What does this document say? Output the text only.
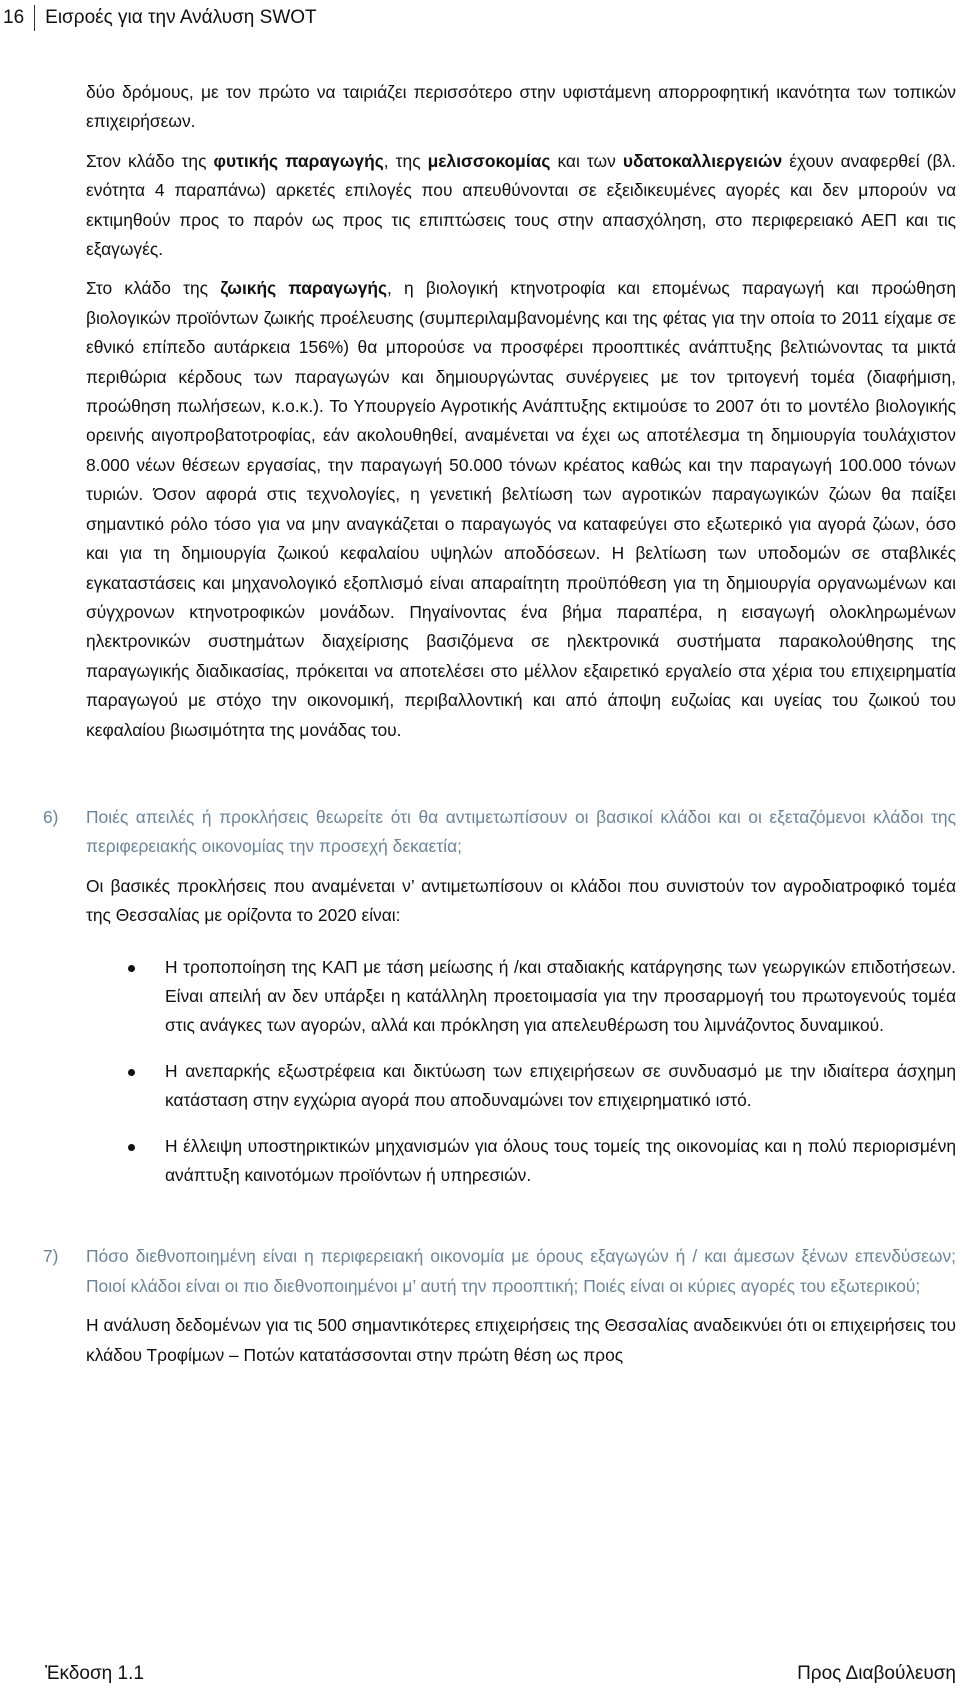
16	Εισροές για την Ανάλυση SWOT

δύο δρόμους, με τον πρώτο να ταιριάζει περισσότερο στην υφιστάμενη απορροφητική ικανότητα των τοπικών επιχειρήσεων.

Στον κλάδο της φυτικής παραγωγής, της μελισσοκομίας και των υδατοκαλλιεργειών έχουν αναφερθεί (βλ. ενότητα 4 παραπάνω) αρκετές επιλογές που απευθύνονται σε εξειδικευμένες αγορές και δεν μπορούν να εκτιμηθούν προς το παρόν ως προς τις επιπτώσεις τους στην απασχόληση, στο περιφερειακό ΑΕΠ και τις εξαγωγές.

Στο κλάδο της ζωικής παραγωγής, η βιολογική κτηνοτροφία και επομένως παραγωγή και προώθηση βιολογικών προϊόντων ζωικής προέλευσης (συμπεριλαμβανομένης και της φέτας για την οποία το 2011 είχαμε σε εθνικό επίπεδο αυτάρκεια 156%) θα μπορούσε να προσφέρει προοπτικές ανάπτυξης βελτιώνοντας τα μικτά περιθώρια κέρδους των παραγωγών και δημιουργώντας συνέργειες με τον τριτογενή τομέα (διαφήμιση, προώθηση πωλήσεων, κ.ο.κ.). Το Υπουργείο Αγροτικής Ανάπτυξης εκτιμούσε το 2007 ότι το μοντέλο βιολογικής ορεινής αιγοπροβατοτροφίας, εάν ακολουθηθεί, αναμένεται να έχει ως αποτέλεσμα τη δημιουργία τουλάχιστον 8.000 νέων θέσεων εργασίας, την παραγωγή 50.000 τόνων κρέατος καθώς και την παραγωγή 100.000 τόνων τυριών. Όσον αφορά στις τεχνολογίες, η γενετική βελτίωση των αγροτικών παραγωγικών ζώων θα παίξει σημαντικό ρόλο τόσο για να μην αναγκάζεται ο παραγωγός να καταφεύγει στο εξωτερικό για αγορά ζώων, όσο και για τη δημιουργία ζωικού κεφαλαίου υψηλών αποδόσεων. Η βελτίωση των υποδομών σε σταβλικές εγκαταστάσεις και μηχανολογικό εξοπλισμό είναι απαραίτητη προϋπόθεση για τη δημιουργία οργανωμένων και σύγχρονων κτηνοτροφικών μονάδων. Πηγαίνοντας ένα βήμα παραπέρα, η εισαγωγή ολοκληρωμένων ηλεκτρονικών συστημάτων διαχείρισης βασιζόμενα σε ηλεκτρονικά συστήματα παρακολούθησης της παραγωγικής διαδικασίας, πρόκειται να αποτελέσει στο μέλλον εξαιρετικό εργαλείο στα χέρια του επιχειρηματία παραγωγού με στόχο την οικονομική, περιβαλλοντική και από άποψη ευζωίας και υγείας του ζωικού του κεφαλαίου βιωσιμότητα της μονάδας του.

6) Ποιές απειλές ή προκλήσεις θεωρείτε ότι θα αντιμετωπίσουν οι βασικοί κλάδοι και οι εξεταζόμενοι κλάδοι της περιφερειακής οικονομίας την προσεχή δεκαετία;

Οι βασικές προκλήσεις που αναμένεται ν’ αντιμετωπίσουν οι κλάδοι που συνιστούν τον αγροδιατροφικό τομέα της Θεσσαλίας με ορίζοντα το 2020 είναι:

Η τροποποίηση της ΚΑΠ με τάση μείωσης ή /και σταδιακής κατάργησης των γεωργικών επιδοτήσεων. Είναι απειλή αν δεν υπάρξει η κατάλληλη προετοιμασία για την προσαρμογή του πρωτογενούς τομέα στις ανάγκες των αγορών, αλλά και πρόκληση για απελευθέρωση του λιμνάζοντος δυναμικού.
Η ανεπαρκής εξωστρέφεια και δικτύωση των επιχειρήσεων σε συνδυασμό με την ιδιαίτερα άσχημη κατάσταση στην εγχώρια αγορά που αποδυναμώνει τον επιχειρηματικό ιστό.
Η έλλειψη υποστηρικτικών μηχανισμών για όλους τους τομείς της οικονομίας και η πολύ περιορισμένη ανάπτυξη καινοτόμων προϊόντων ή υπηρεσιών.
7) Πόσο διεθνοποιημένη είναι η περιφερειακή οικονομία με όρους εξαγωγών ή / και άμεσων ξένων επενδύσεων; Ποιοί κλάδοι είναι οι πιο διεθνοποιημένοι μ’ αυτή την προοπτική; Ποιές είναι οι κύριες αγορές του εξωτερικού;

Η ανάλυση δεδομένων για τις 500 σημαντικότερες επιχειρήσεις της Θεσσαλίας αναδεικνύει ότι οι επιχειρήσεις του κλάδου Τροφίμων – Ποτών κατατάσσονται στην πρώτη θέση ως προς

Ἐκδοση 1.1	Προς Διαβούλευση
